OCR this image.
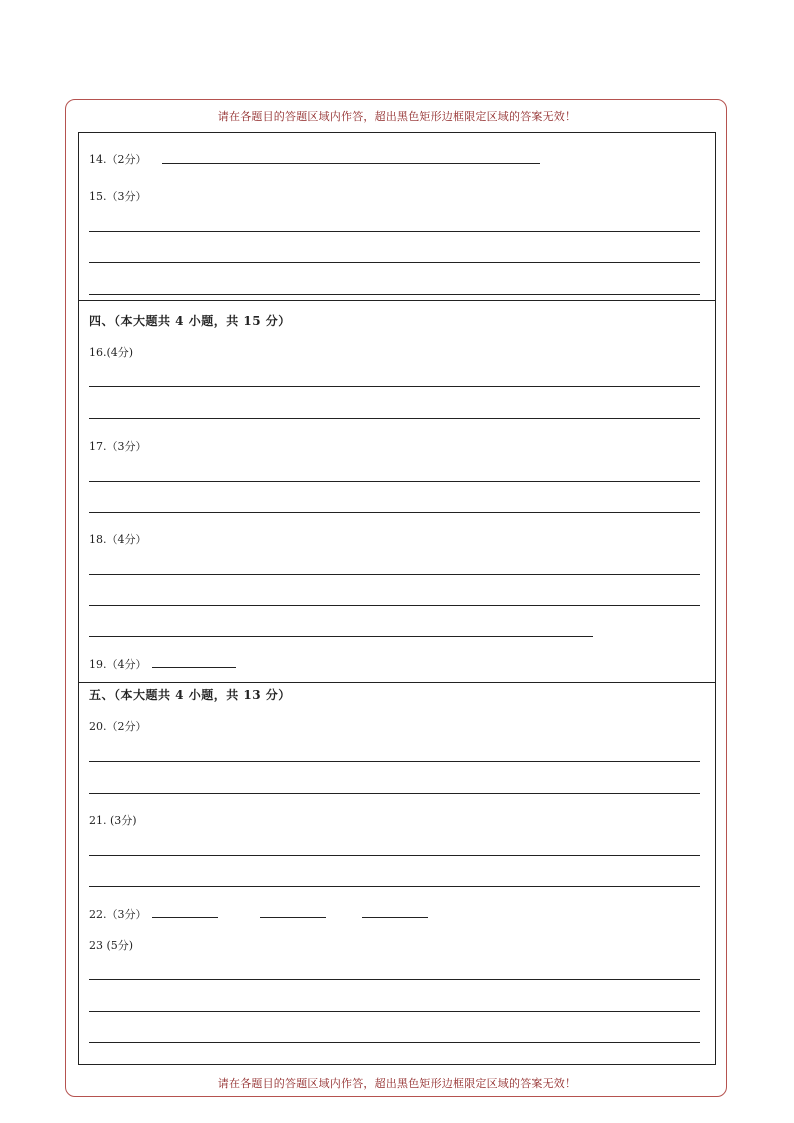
请在各题目的答题区域内作答，超出黑色矩形边框限定区域的答案无效！
请在各题目的答题区域内作答，超出黑色矩形边框限定区域的答案无效！
14.（2分）
15.（3分）
四、（本大题共 4 小题，共 15 分）
16.(4分)
17.（3分）
18.（4分）
19.（4分）
五、（本大题共 4 小题，共 13 分）
20.（2分）
21. (3分)
22.（3分）
23 (5分)
